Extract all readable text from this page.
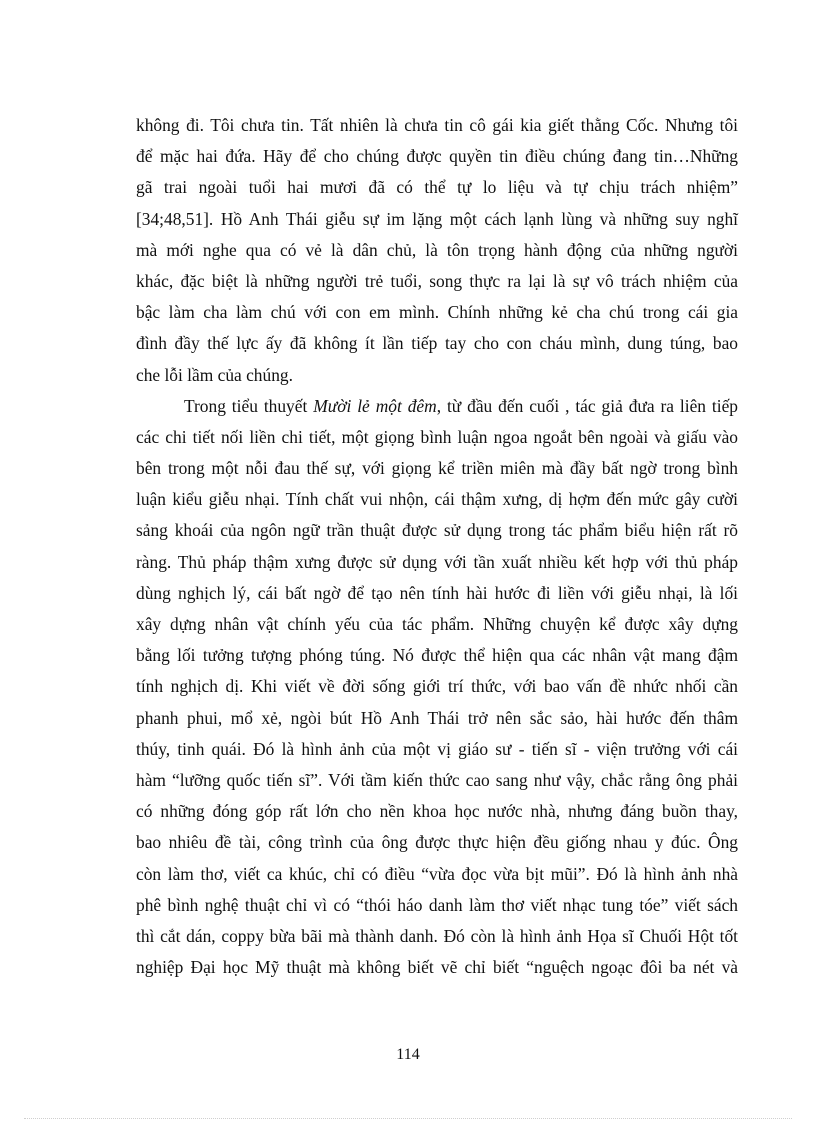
không đi. Tôi chưa tin. Tất nhiên là chưa tin cô gái kia giết thằng Cốc. Nhưng tôi
để mặc hai đứa. Hãy để cho chúng được quyền tin điều chúng đang tin…Những
gã trai ngoài tuổi hai mươi đã có thể tự lo liệu và tự chịu trách nhiệm”
[34;48,51]. Hồ Anh Thái giễu sự im lặng một cách lạnh lùng và những suy nghĩ
mà mới nghe qua có vẻ là dân chủ, là tôn trọng hành động của những người
khác, đặc biệt là những người trẻ tuổi, song thực ra lại là sự vô trách nhiệm của
bậc làm cha làm chú với con em mình. Chính những kẻ cha chú trong cái gia
đình đầy thế lực ấy đã không ít lần tiếp tay cho con cháu mình, dung túng, bao
che lỗi lầm của chúng.
Trong tiểu thuyết Mười lẻ một đêm, từ đầu đến cuối , tác giả đưa ra liên tiếp
các chi tiết nối liền chi tiết, một giọng bình luận ngoa ngoắt bên ngoài và giấu vào
bên trong một nỗi đau thế sự, với giọng kể triền miên mà đầy bất ngờ trong bình
luận kiểu giễu nhại. Tính chất vui nhộn, cái thậm xưng, dị hợm đến mức gây cười
sảng khoái của ngôn ngữ trần thuật được sử dụng trong tác phẩm biểu hiện rất rõ
ràng. Thủ pháp thậm xưng được sử dụng với tần xuất nhiều kết hợp với thủ pháp
dùng nghịch lý, cái bất ngờ để tạo nên tính hài hước đi liền với giễu nhại, là lối
xây dựng nhân vật chính yếu của tác phẩm. Những chuyện kể được xây dựng
bằng lối tưởng tượng phóng túng. Nó được thể hiện qua các nhân vật mang đậm
tính nghịch dị. Khi viết về đời sống giới trí thức, với bao vấn đề nhức nhối cần
phanh phui, mổ xẻ, ngòi bút Hồ Anh Thái trở nên sắc sảo, hài hước đến thâm
thúy, tinh quái. Đó là hình ảnh của một vị giáo sư - tiến sĩ - viện trưởng với cái
hàm “lưỡng quốc tiến sĩ”. Với tầm kiến thức cao sang như vậy, chắc rằng ông phải
có những đóng góp rất lớn cho nền khoa học nước nhà, nhưng đáng buồn thay,
bao nhiêu đề tài, công trình của ông được thực hiện đều giống nhau y đúc. Ông
còn làm thơ, viết ca khúc, chỉ có điều “vừa đọc vừa bịt mũi”. Đó là hình ảnh nhà
phê bình nghệ thuật chỉ vì có “thói háo danh làm thơ viết nhạc tung tóe” viết sách
thì cắt dán, coppy bừa bãi mà thành danh. Đó còn là hình ảnh Họa sĩ Chuối Hột tốt
nghiệp Đại học Mỹ thuật mà không biết vẽ chỉ biết “nguệch ngoạc đôi ba nét và
114
